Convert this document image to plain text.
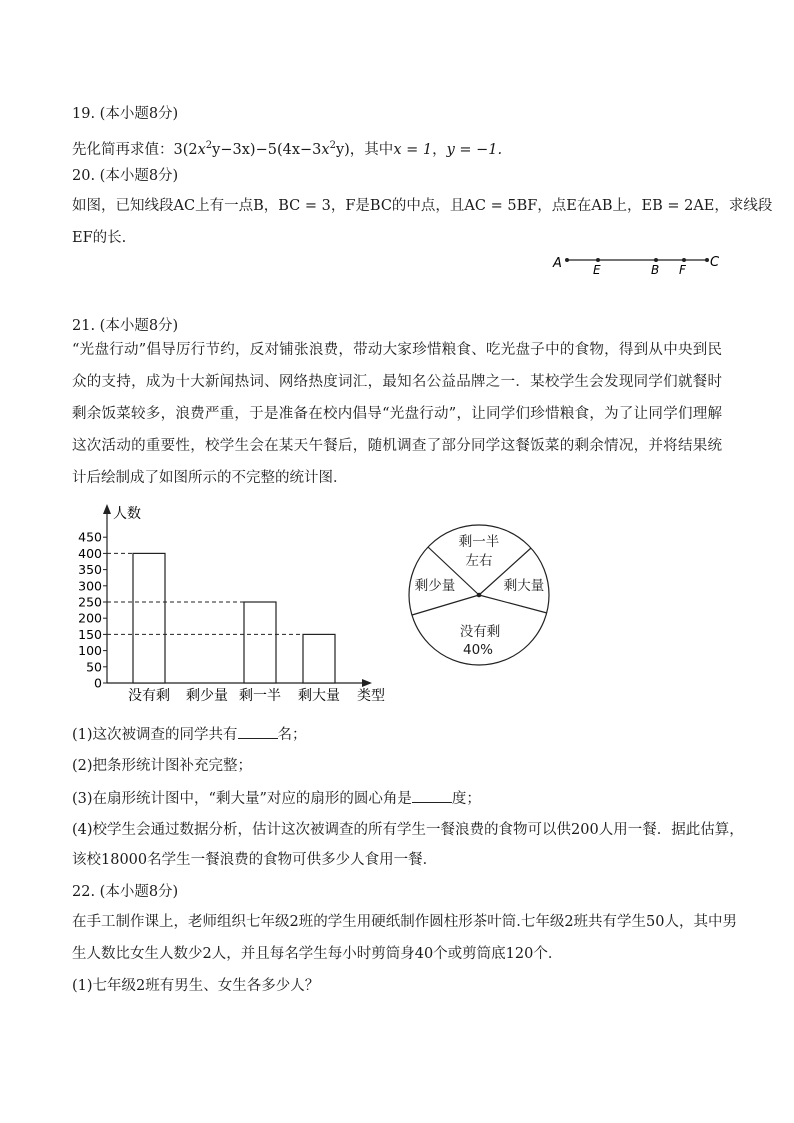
19. (本小题8分)
先化简再求值：$3(2x^2y-3x)-5(4x-3x^2y)$，其中x = 1，y = −1.
20. (本小题8分)
如图，已知线段AC上有一点B，BC = 3，F是BC的中点，且AC = 5BF，点E在AB上，EB = 2AE，求线段
EF的长.
A	E	B F C
21. (本小题8分)
“光盘行动”倡导厉行节约，反对铺张浪费，带动大家珍惜粮食、吃光盘子中的食物，得到从中央到民众的支持，成为十大新闻热词、网络热度词汇，最知名公益品牌之一．某校学生会发现同学们就餐时剩余饭菜较多，浪费严重，于是准备在校内倡导“光盘行动”，让同学们珍惜粮食，为了让同学们理解这次活动的重要性，校学生会在某天午餐后，随机调查了部分同学这餐饭菜的剩余情况，并将结果统计后绘制成了如图所示的不完整的统计图．
人数
类型
0
50
100
150
200
250
300
350
400
450
没有剩 剩少量 剩一半 剩大量
剩一半
左右
剩少量	剩大量
没有剩
40%
(1)这次被调查的同学共有	名；
(2)把条形统计图补充完整；
(3)在扇形统计图中，“剩大量”对应的扇形的圆心角是	度；
(4)校学生会通过数据分析，估计这次被调查的所有学生一餐浪费的食物可以供200人用一餐．据此估算，
该校18000名学生一餐浪费的食物可供多少人食用一餐．
22. (本小题8分)
在手工制作课上，老师组织七年级2班的学生用硬纸制作圆柱形茶叶筒.七年级2班共有学生50人，其中男
生人数比女生人数少2人，并且每名学生每小时剪筒身40个或剪筒底120个．
(1)七年级2班有男生、女生各多少人？
